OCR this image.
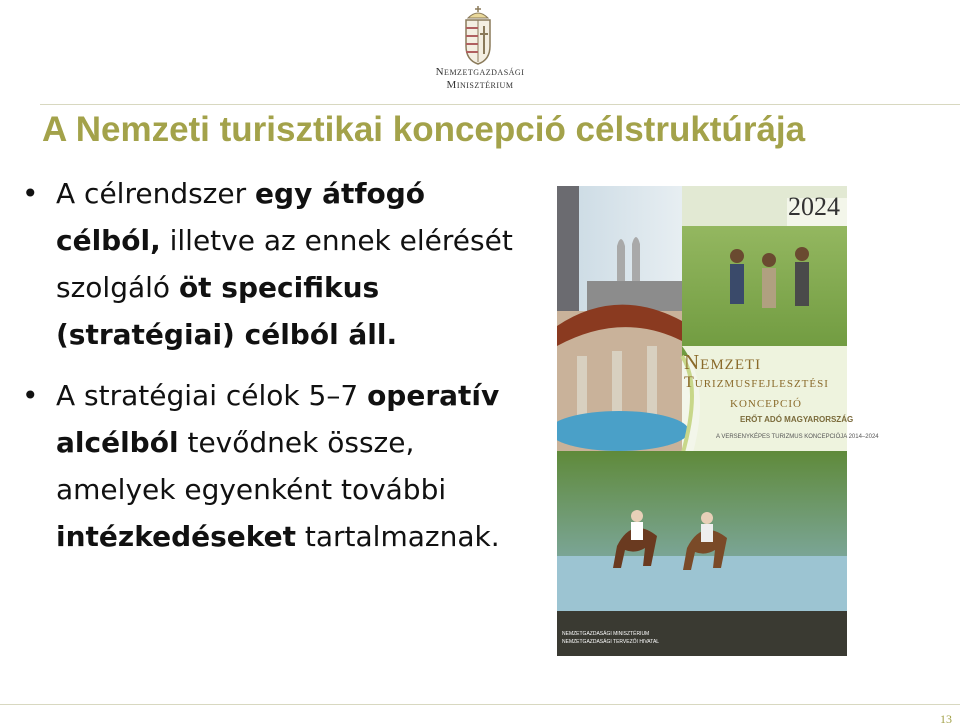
Nemzetgazdasági
Minisztérium
A Nemzeti turisztikai koncepció célstruktúrája
• A célrendszer egy átfogó célból, illetve az ennek elérését szolgáló öt specifikus (stratégiai) célból áll.
• A stratégiai célok 5–7 operatív alcélból tevődnek össze, amelyek egyenként további intézkedéseket tartalmaznak.
2024
Nemzeti
Turizmusfejlesztési
koncepció
ERŐT ADÓ MAGYARORSZÁG
A VERSENYKÉPES TURIZMUS KONCEPCIÓJA 2014–2024
NEMZETGAZDASÁGI MINISZTÉRIUM
NEMZETGAZDASÁGI TERVEZŐI HIVATAL
13
